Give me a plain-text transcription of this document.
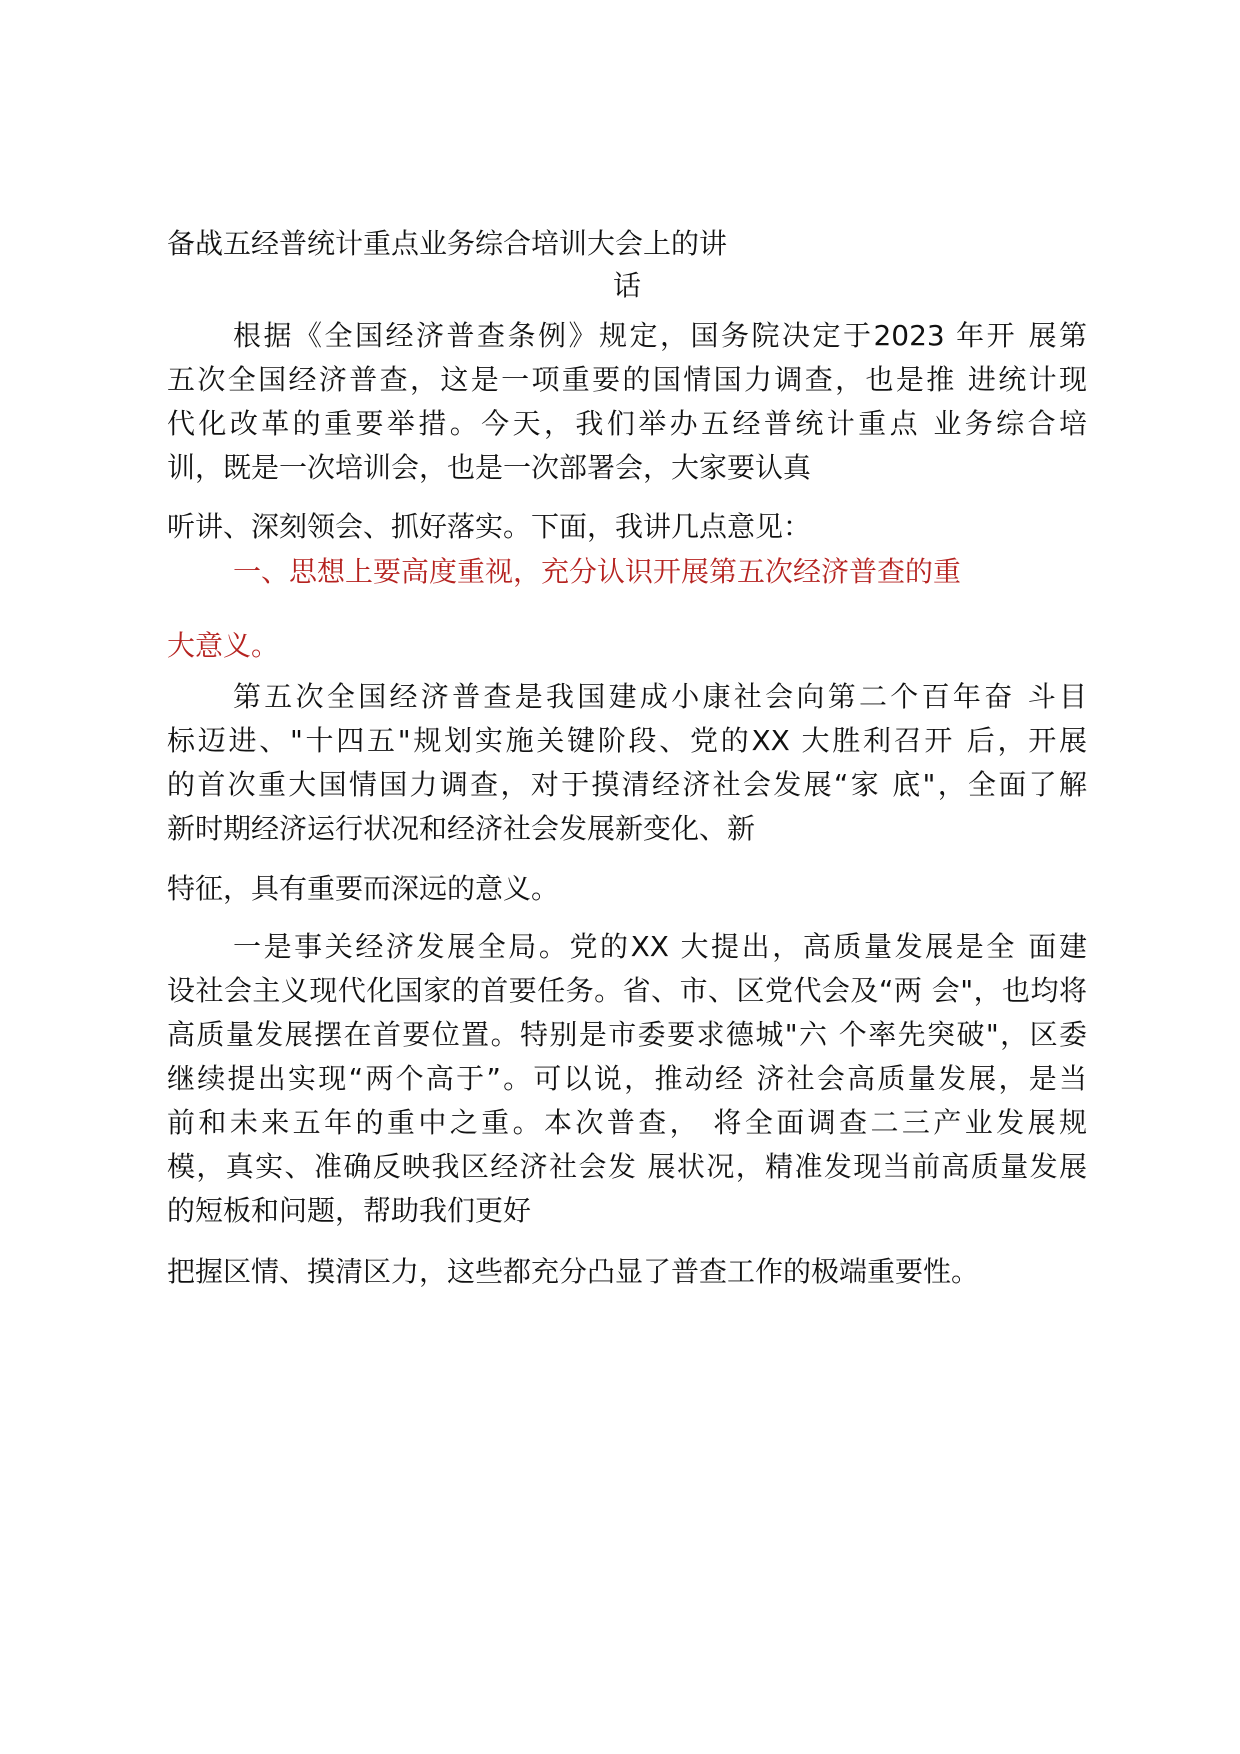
备战五经普统计重点业务综合培训大会上的讲
话
根据《全国经济普查条例》规定，国务院决定于2023 年开 展第
五次全国经济普查，这是一项重要的国情国力调查，也是推 进统计现
代化改革的重要举措。今天，我们举办五经普统计重点 业务综合培
训，既是一次培训会，也是一次部署会，大家要认真
听讲、深刻领会、抓好落实。下面，我讲几点意见：
一、思想上要高度重视，充分认识开展第五次经济普查的重
大意义。
第五次全国经济普查是我国建成小康社会向第二个百年奋 斗目
标迈进、"十四五"规划实施关键阶段、党的XX 大胜利召开 后，开展
的首次重大国情国力调查，对于摸清经济社会发展“家 底"，全面了解
新时期经济运行状况和经济社会发展新变化、新
特征，具有重要而深远的意义。
一是事关经济发展全局。党的XX 大提出，高质量发展是全 面建
设社会主义现代化国家的首要任务。省、市、区党代会及“两 会"，也均将
高质量发展摆在首要位置。特别是市委要求德城"六 个率先突破"，区委
继续提出实现“两个高于”。可以说，推动经 济社会高质量发展，是当
前和未来五年的重中之重。本次普查， 将全面调查二三产业发展规
模，真实、准确反映我区经济社会发 展状况，精准发现当前高质量发展
的短板和问题，帮助我们更好
把握区情、摸清区力，这些都充分凸显了普查工作的极端重要性。
